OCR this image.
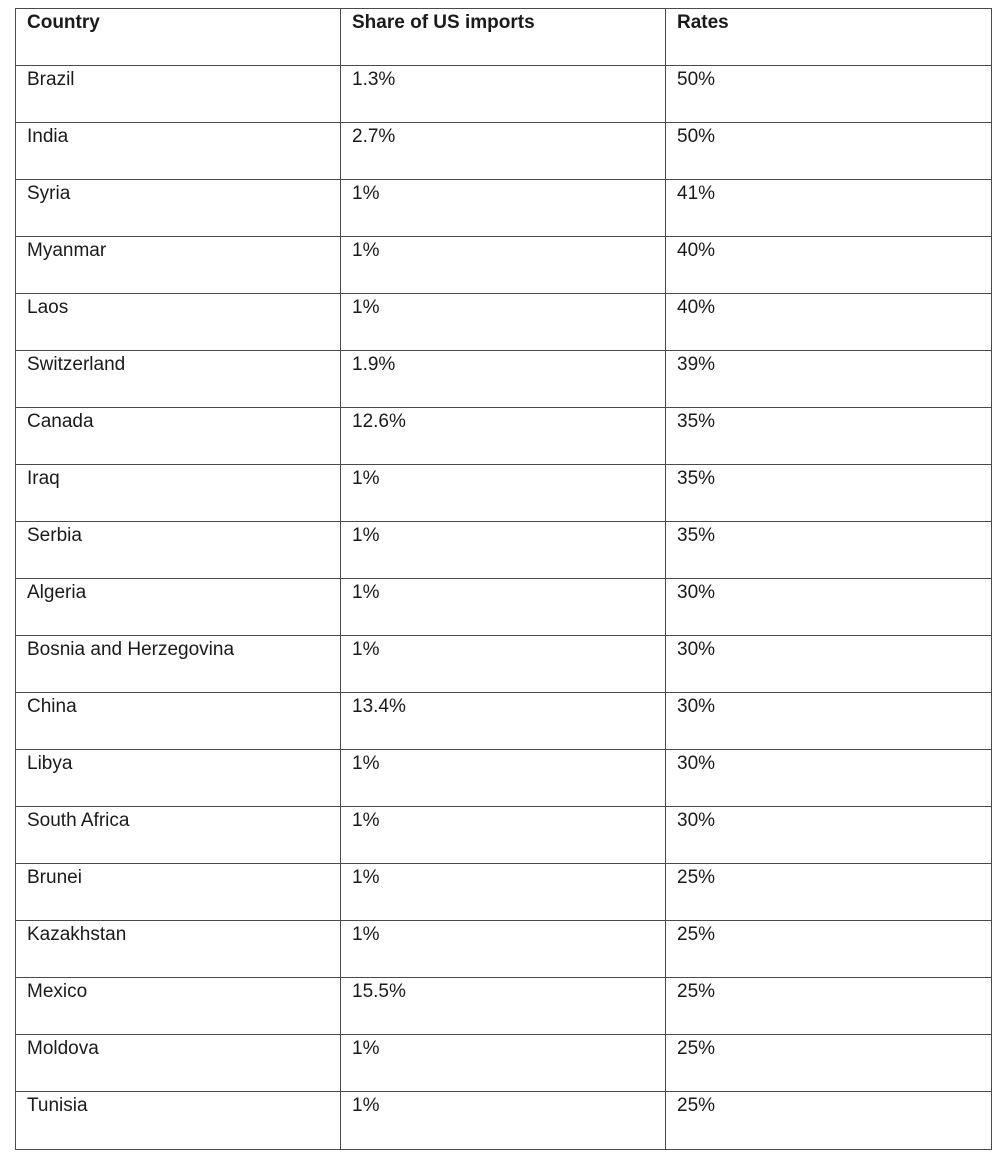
Country	Share of US imports	Rates

Brazil	1.3%	50%

India	2.7%	50%

Syria	1%	41%

Myanmar	1%	40%

Laos	1%	40%

Switzerland	1.9%	39%

Canada	12.6%	35%

Iraq	1%	35%

Serbia	1%	35%

Algeria	1%	30%

Bosnia and Herzegovina	1%	30%

China	13.4%	30%

Libya	1%	30%

South Africa	1%	30%

Brunei	1%	25%

Kazakhstan	1%	25%

Mexico	15.5%	25%

Moldova	1%	25%

Tunisia	1%	25%
